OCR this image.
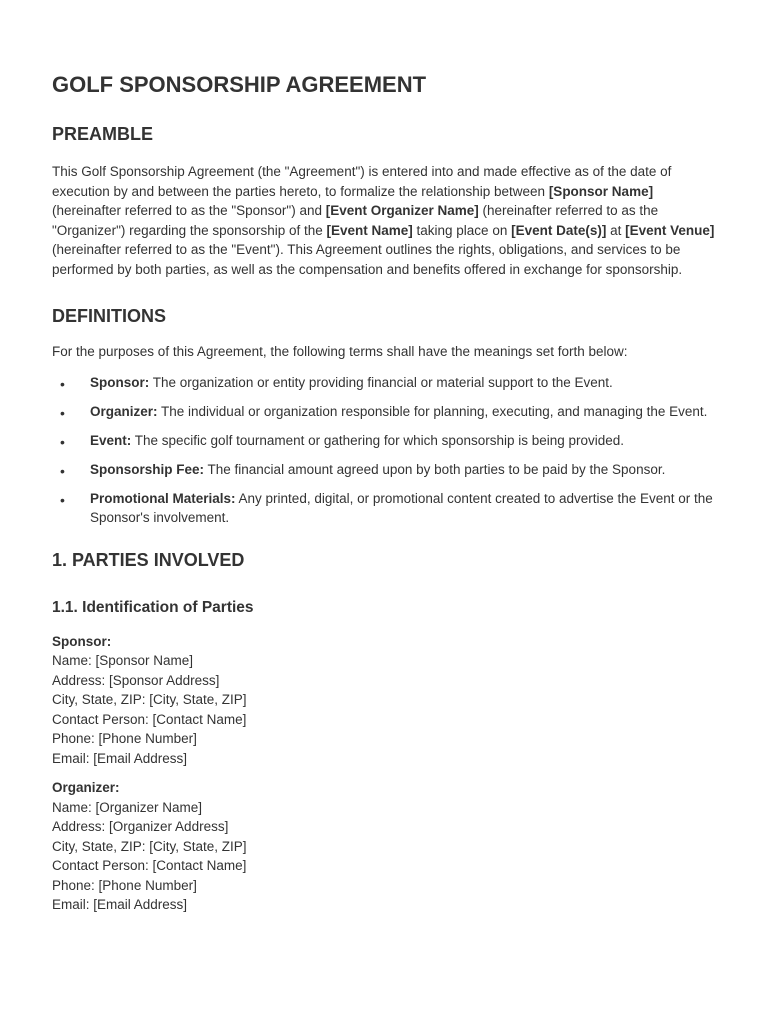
GOLF SPONSORSHIP AGREEMENT
PREAMBLE

This Golf Sponsorship Agreement (the "Agreement") is entered into and made effective as of the date of execution by and between the parties hereto, to formalize the relationship between [Sponsor Name] (hereinafter referred to as the "Sponsor") and [Event Organizer Name] (hereinafter referred to as the "Organizer") regarding the sponsorship of the [Event Name] taking place on [Event Date(s)] at [Event Venue] (hereinafter referred to as the "Event"). This Agreement outlines the rights, obligations, and services to be performed by both parties, as well as the compensation and benefits offered in exchange for sponsorship.

DEFINITIONS

For the purposes of this Agreement, the following terms shall have the meanings set forth below:

• Sponsor: The organization or entity providing financial or material support to the Event.
• Organizer: The individual or organization responsible for planning, executing, and managing the Event.
• Event: The specific golf tournament or gathering for which sponsorship is being provided.
• Sponsorship Fee: The financial amount agreed upon by both parties to be paid by the Sponsor.
• Promotional Materials: Any printed, digital, or promotional content created to advertise the Event or the Sponsor's involvement.
1. PARTIES INVOLVED
1.1. Identification of Parties
Sponsor:
Name: [Sponsor Name]
Address: [Sponsor Address]
City, State, ZIP: [City, State, ZIP]
Contact Person: [Contact Name]
Phone: [Phone Number]
Email: [Email Address]
Organizer:
Name: [Organizer Name]
Address: [Organizer Address]
City, State, ZIP: [City, State, ZIP]
Contact Person: [Contact Name]
Phone: [Phone Number]
Email: [Email Address]
